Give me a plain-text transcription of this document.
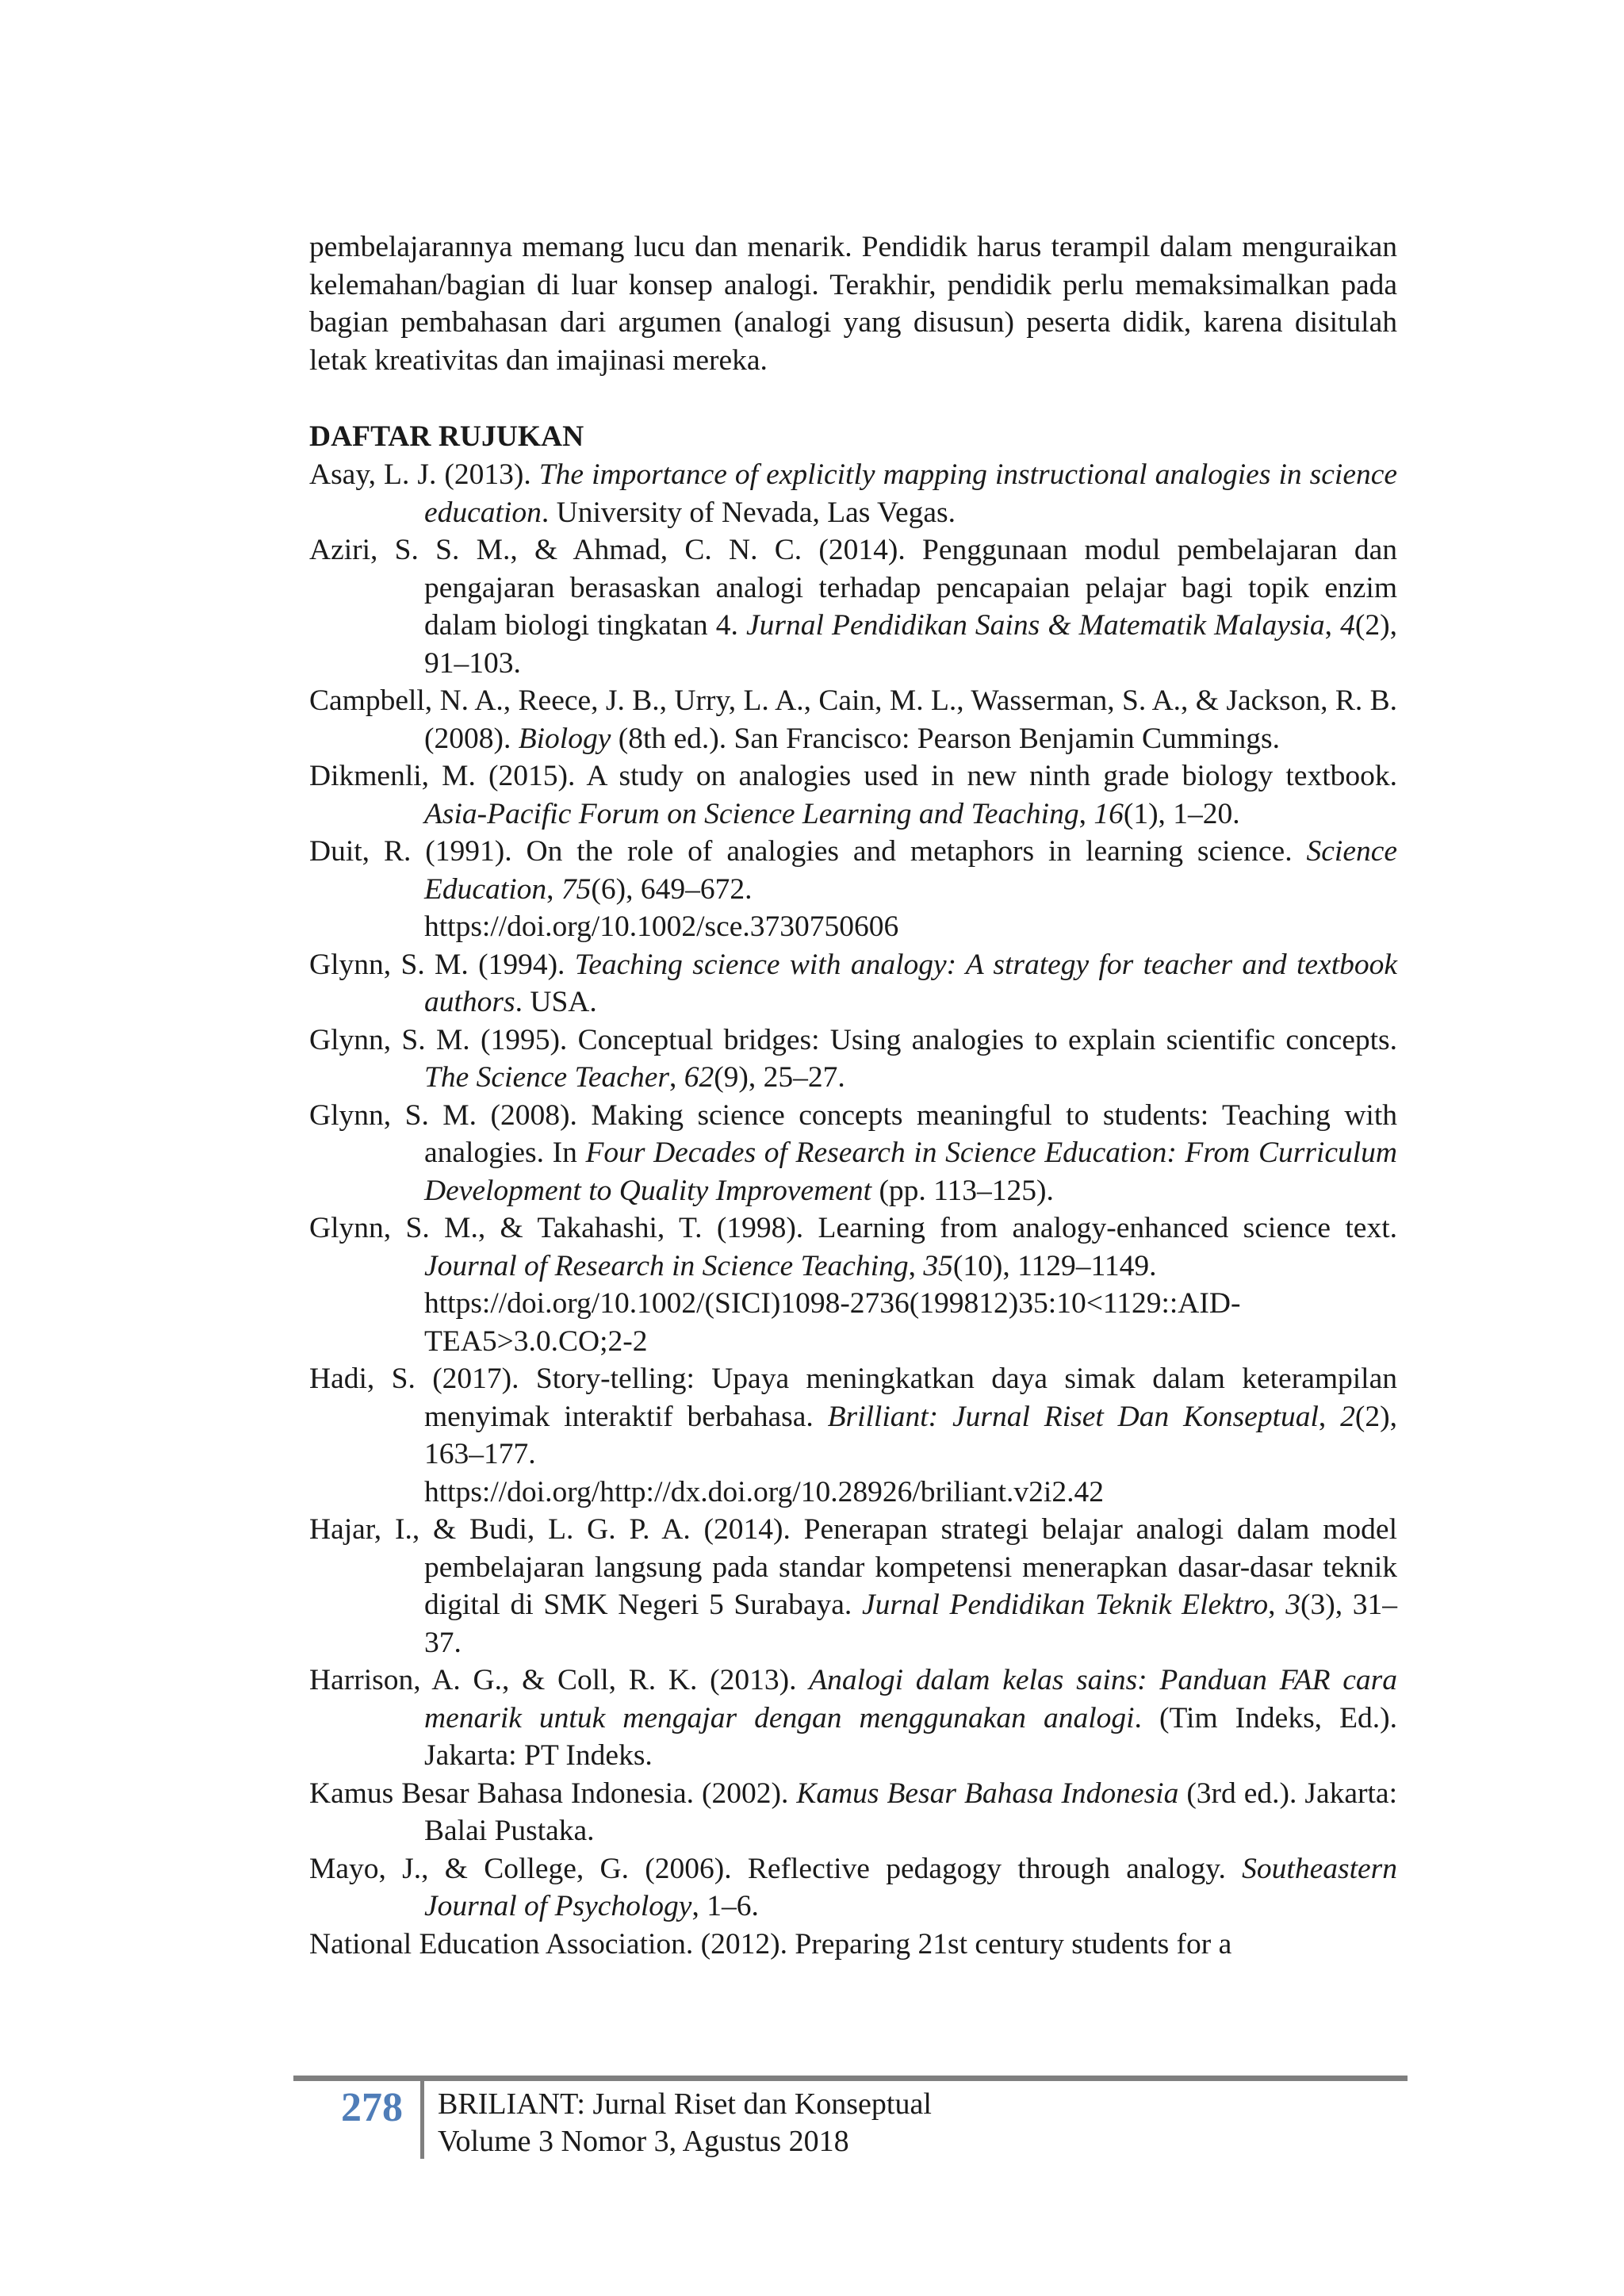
pembelajarannya memang lucu dan menarik. Pendidik harus terampil dalam menguraikan kelemahan/bagian di luar konsep analogi. Terakhir, pendidik perlu memaksimalkan pada bagian pembahasan dari argumen (analogi yang disusun) peserta didik, karena disitulah letak kreativitas dan imajinasi mereka.

DAFTAR RUJUKAN

Asay, L. J. (2013). The importance of explicitly mapping instructional analogies in science education. University of Nevada, Las Vegas.

Aziri, S. S. M., & Ahmad, C. N. C. (2014). Penggunaan modul pembelajaran dan pengajaran berasaskan analogi terhadap pencapaian pelajar bagi topik enzim dalam biologi tingkatan 4. Jurnal Pendidikan Sains & Matematik Malaysia, 4(2), 91–103.

Campbell, N. A., Reece, J. B., Urry, L. A., Cain, M. L., Wasserman, S. A., & Jackson, R. B. (2008). Biology (8th ed.). San Francisco: Pearson Benjamin Cummings.

Dikmenli, M. (2015). A study on analogies used in new ninth grade biology textbook. Asia-Pacific Forum on Science Learning and Teaching, 16(1), 1–20.

Duit, R. (1991). On the role of analogies and metaphors in learning science. Science Education, 75(6), 649–672.
https://doi.org/10.1002/sce.3730750606

Glynn, S. M. (1994). Teaching science with analogy: A strategy for teacher and textbook authors. USA.

Glynn, S. M. (1995). Conceptual bridges: Using analogies to explain scientific concepts. The Science Teacher, 62(9), 25–27.

Glynn, S. M. (2008). Making science concepts meaningful to students: Teaching with analogies. In Four Decades of Research in Science Education: From Curriculum Development to Quality Improvement (pp. 113–125).

Glynn, S. M., & Takahashi, T. (1998). Learning from analogy-enhanced science text. Journal of Research in Science Teaching, 35(10), 1129–1149.
https://doi.org/10.1002/(SICI)1098-2736(199812)35:10<1129::AID-TEA5>3.0.CO;2-2

Hadi, S. (2017). Story-telling: Upaya meningkatkan daya simak dalam keterampilan menyimak interaktif berbahasa. Brilliant: Jurnal Riset Dan Konseptual, 2(2), 163–177.
https://doi.org/http://dx.doi.org/10.28926/briliant.v2i2.42

Hajar, I., & Budi, L. G. P. A. (2014). Penerapan strategi belajar analogi dalam model pembelajaran langsung pada standar kompetensi menerapkan dasar-dasar teknik digital di SMK Negeri 5 Surabaya. Jurnal Pendidikan Teknik Elektro, 3(3), 31–37.

Harrison, A. G., & Coll, R. K. (2013). Analogi dalam kelas sains: Panduan FAR cara menarik untuk mengajar dengan menggunakan analogi. (Tim Indeks, Ed.). Jakarta: PT Indeks.

Kamus Besar Bahasa Indonesia. (2002). Kamus Besar Bahasa Indonesia (3rd ed.). Jakarta: Balai Pustaka.

Mayo, J., & College, G. (2006). Reflective pedagogy through analogy. Southeastern Journal of Psychology, 1–6.

National Education Association. (2012). Preparing 21st century students for a

278	BRILIANT: Jurnal Riset dan Konseptual
Volume 3 Nomor 3, Agustus 2018
